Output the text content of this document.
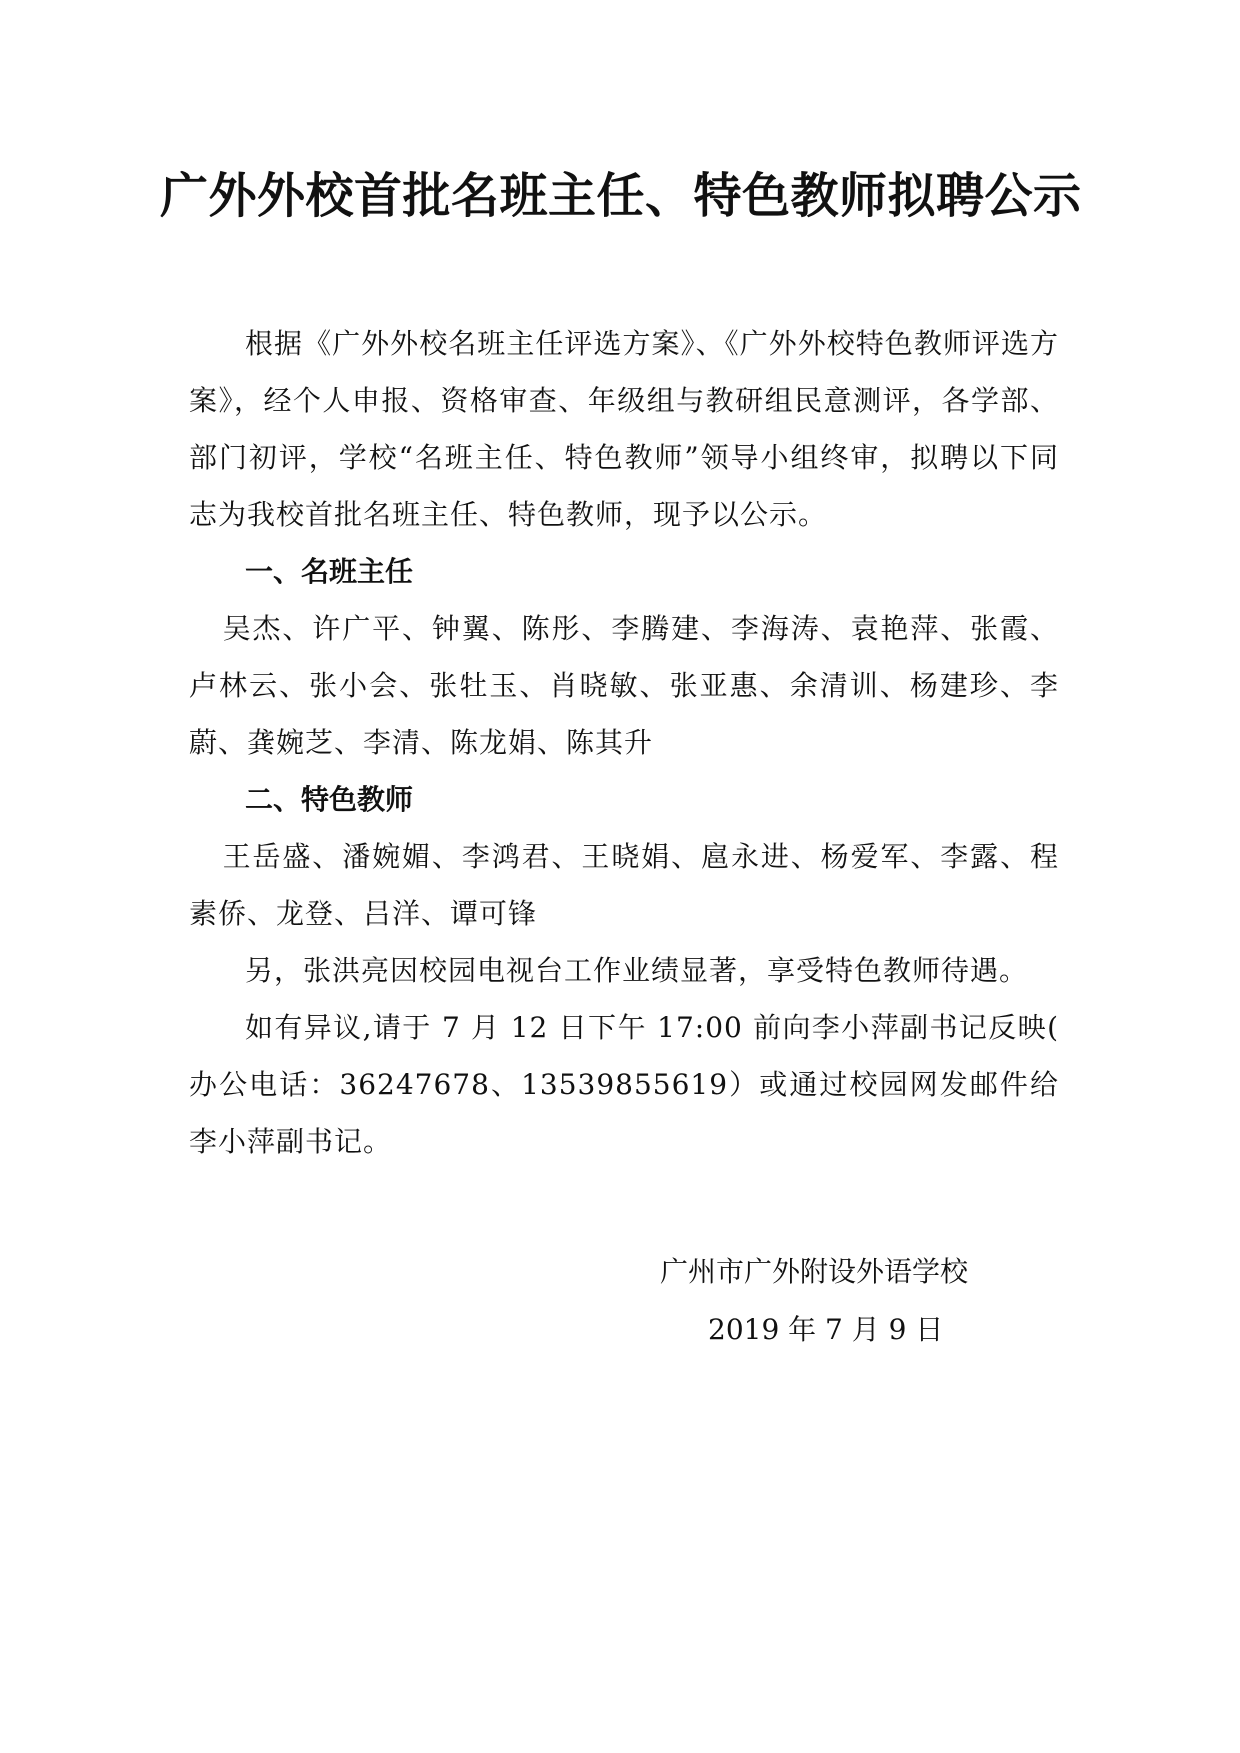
广外外校首批名班主任、特色教师拟聘公示

根据《广外外校名班主任评选方案》、《广外外校特色教师评选方案》，经个人申报、资格审查、年级组与教研组民意测评，各学部、部门初评，学校“名班主任、特色教师”领导小组终审，拟聘以下同志为我校首批名班主任、特色教师，现予以公示。

一、名班主任

吴杰、许广平、钟翼、陈彤、李腾建、李海涛、袁艳萍、张霞、卢林云、张小会、张牡玉、肖晓敏、张亚惠、余清训、杨建珍、李蔚、龚婉芝、李清、陈龙娟、陈其升

二、特色教师

王岳盛、潘婉媚、李鸿君、王晓娟、扈永进、杨爱军、李露、程素侨、龙登、吕洋、谭可锋

另，张洪亮因校园电视台工作业绩显著，享受特色教师待遇。

如有异议,请于 7 月 12 日下午 17:00 前向李小萍副书记反映( 办公电话：36247678、13539855619）或通过校园网发邮件给李小萍副书记。

广州市广外附设外语学校
2019 年 7 月 9 日
